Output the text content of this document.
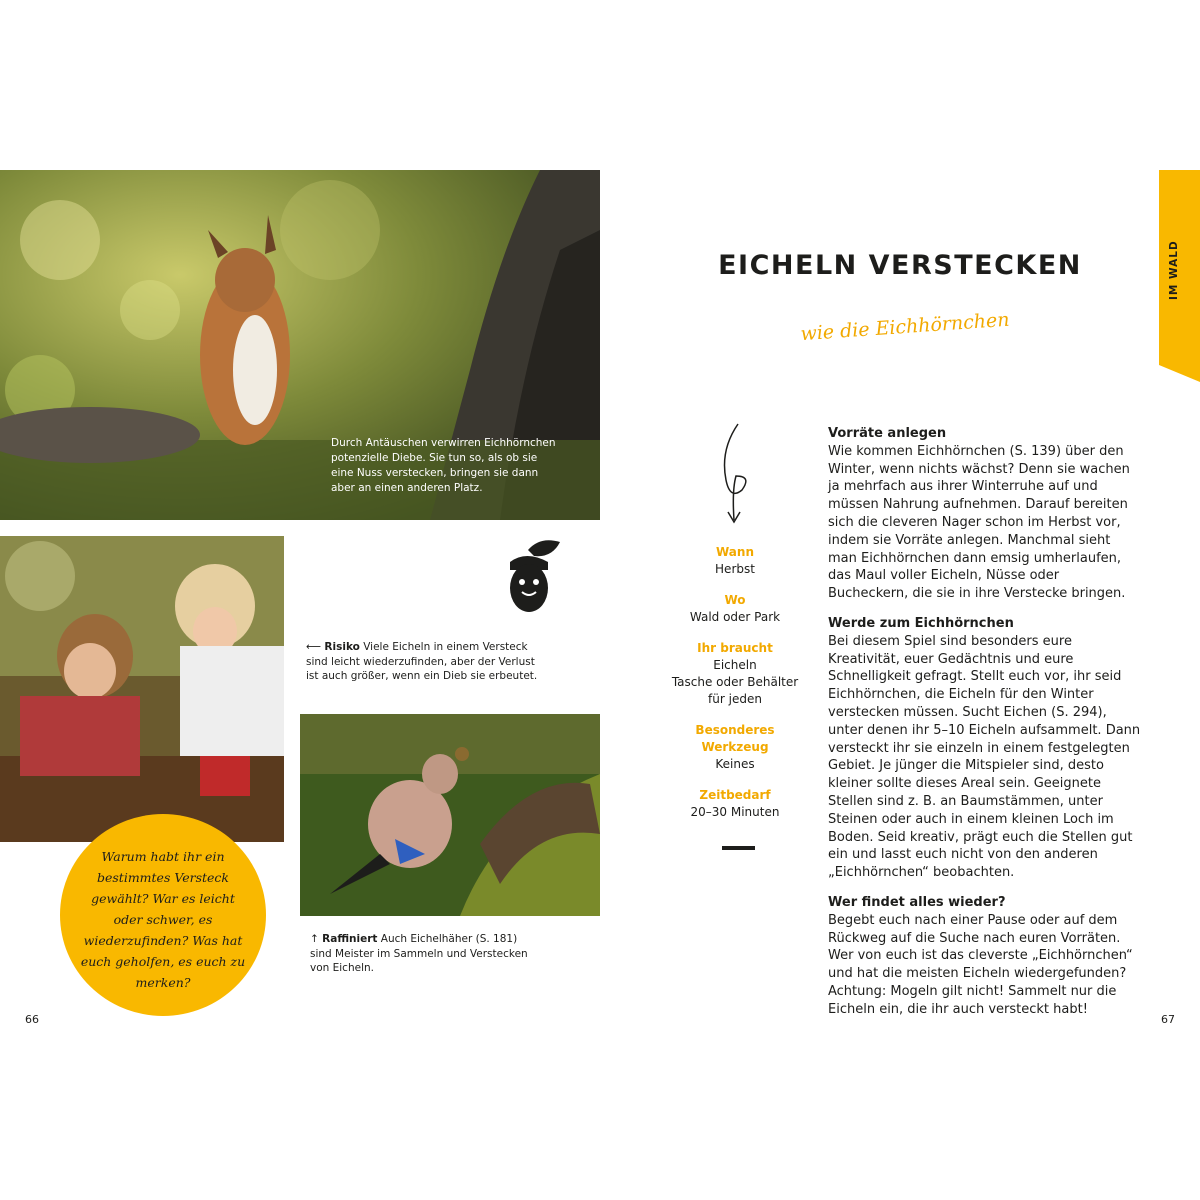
Durch Antäuschen verwirren Eichhörnchen potenzielle Diebe. Sie tun so, als ob sie eine Nuss verstecken, bringen sie dann aber an einen anderen Platz.
⟵ Risiko Viele Eicheln in einem Versteck sind leicht wiederzufinden, aber der Verlust ist auch größer, wenn ein Dieb sie erbeutet.
↑ Raffiniert Auch Eichelhäher (S. 181) sind Meister im Sammeln und Verstecken von Eicheln.
Warum habt ihr ein bestimmtes Versteck gewählt? War es leicht oder schwer, es wiederzufinden? Was hat euch geholfen, es euch zu merken?
IM WALD
EICHELN VERSTECKEN
wie die Eichhörnchen
Wann
Herbst
Wo
Wald oder Park
Ihr braucht
Eicheln
Tasche oder Behälter
für jeden
Besonderes
Werkzeug
Keines
Zeitbedarf
20–30 Minuten
Vorräte anlegen

Wie kommen Eichhörnchen (S. 139) über den Winter, wenn nichts wächst? Denn sie wachen ja mehrfach aus ihrer Winterruhe auf und müssen Nahrung aufnehmen. Darauf bereiten sich die cleveren Nager schon im Herbst vor, indem sie Vorräte anlegen. Manchmal sieht man Eichhörnchen dann emsig umherlaufen, das Maul voller Eicheln, Nüsse oder Bucheckern, die sie in ihre Verstecke bringen.

Werde zum Eichhörnchen

Bei diesem Spiel sind besonders eure Kreativität, euer Gedächtnis und eure Schnelligkeit gefragt. Stellt euch vor, ihr seid Eichhörnchen, die Eicheln für den Winter verstecken müssen. Sucht Eichen (S. 294), unter denen ihr 5–10 Eicheln aufsammelt. Dann versteckt ihr sie einzeln in einem festgelegten Gebiet. Je jünger die Mitspieler sind, desto kleiner sollte dieses Areal sein. Geeignete Stellen sind z. B. an Baumstämmen, unter Steinen oder auch in einem kleinen Loch im Boden. Seid kreativ, prägt euch die Stellen gut ein und lasst euch nicht von den anderen „Eichhörnchen“ beobachten.

Wer findet alles wieder?

Begebt euch nach einer Pause oder auf dem Rückweg auf die Suche nach euren Vorräten. Wer von euch ist das cleverste „Eichhörnchen“ und hat die meisten Eicheln wiedergefunden? Achtung: Mogeln gilt nicht! Sammelt nur die Eicheln ein, die ihr auch versteckt habt!

66	67
